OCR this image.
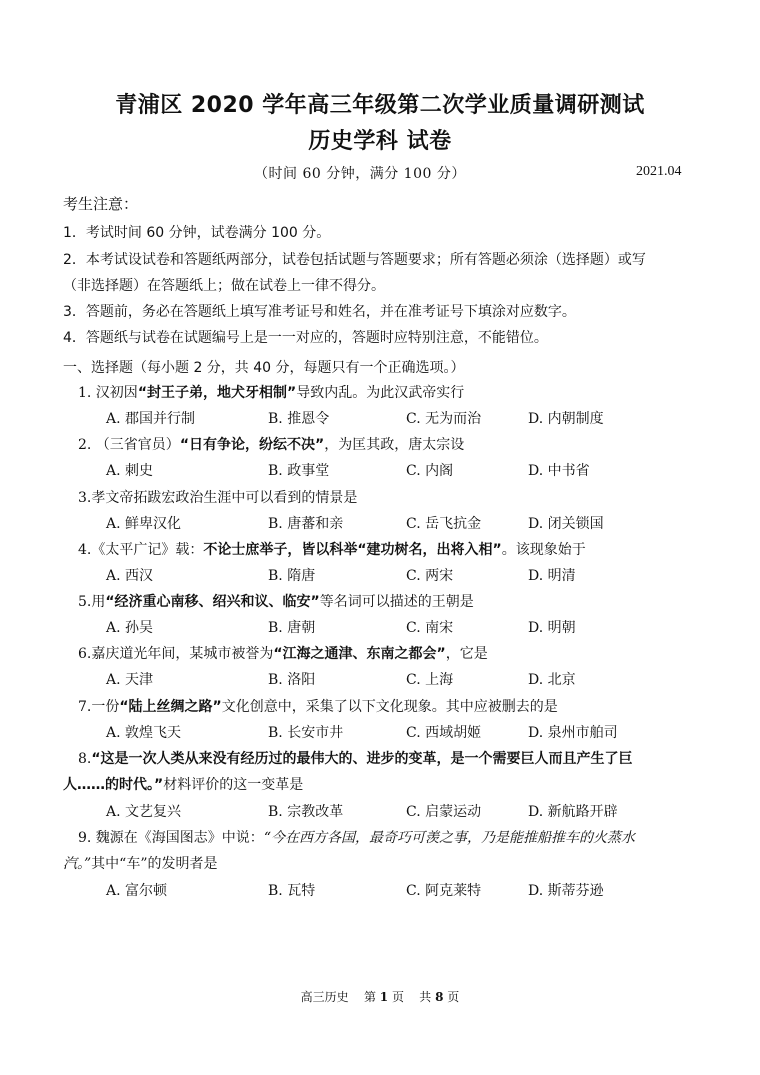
青浦区 2020 学年高三年级第二次学业质量调研测试
历史学科 试卷
（时间 60 分钟，满分 100 分）	2021.04
考生注意：
1．考试时间 60 分钟，试卷满分 100 分。
2．本考试设试卷和答题纸两部分，试卷包括试题与答题要求；所有答题必须涂（选择题）或写
（非选择题）在答题纸上；做在试卷上一律不得分。
3．答题前，务必在答题纸上填写准考证号和姓名，并在准考证号下填涂对应数字。
4．答题纸与试卷在试题编号上是一一对应的，答题时应特别注意，不能错位。
一、选择题（每小题 2 分，共 40 分，每题只有一个正确选项。）
1. 汉初因“封王子弟，地犬牙相制”导致内乱。为此汉武帝实行
A. 郡国并行制	B. 推恩令	C. 无为而治	D. 内朝制度
2. （三省官员）“日有争论，纷纭不决”，为匡其政，唐太宗设
A. 刺史	B. 政事堂	C. 内阁	D. 中书省
3.孝文帝拓跋宏政治生涯中可以看到的情景是
A. 鲜卑汉化	B. 唐蕃和亲	C. 岳飞抗金	D. 闭关锁国
4.《太平广记》载：不论士庶举子，皆以科举“建功树名，出将入相”。该现象始于
A. 西汉	B. 隋唐	C. 两宋	D. 明清
5.用“经济重心南移、绍兴和议、临安”等名词可以描述的王朝是
A. 孙吴	B. 唐朝	C. 南宋	D. 明朝
6.嘉庆道光年间，某城市被誉为“江海之通津、东南之都会”，它是
A. 天津	B. 洛阳	C. 上海	D. 北京
7.一份“陆上丝绸之路”文化创意中，采集了以下文化现象。其中应被删去的是
A. 敦煌飞天	B. 长安市井	C. 西域胡姬	D. 泉州市舶司
8.“这是一次人类从来没有经历过的最伟大的、进步的变革，是一个需要巨人而且产生了巨
人……的时代。”材料评价的这一变革是
A. 文艺复兴	B. 宗教改革	C. 启蒙运动	D. 新航路开辟
9. 魏源在《海国图志》中说：“今在西方各国，最奇巧可羡之事，乃是能推船推车的火蒸水
汽。”其中“车”的发明者是
A. 富尔顿	B. 瓦特	C. 阿克莱特	D. 斯蒂芬逊
高三历史 第 1 页 共 8 页
